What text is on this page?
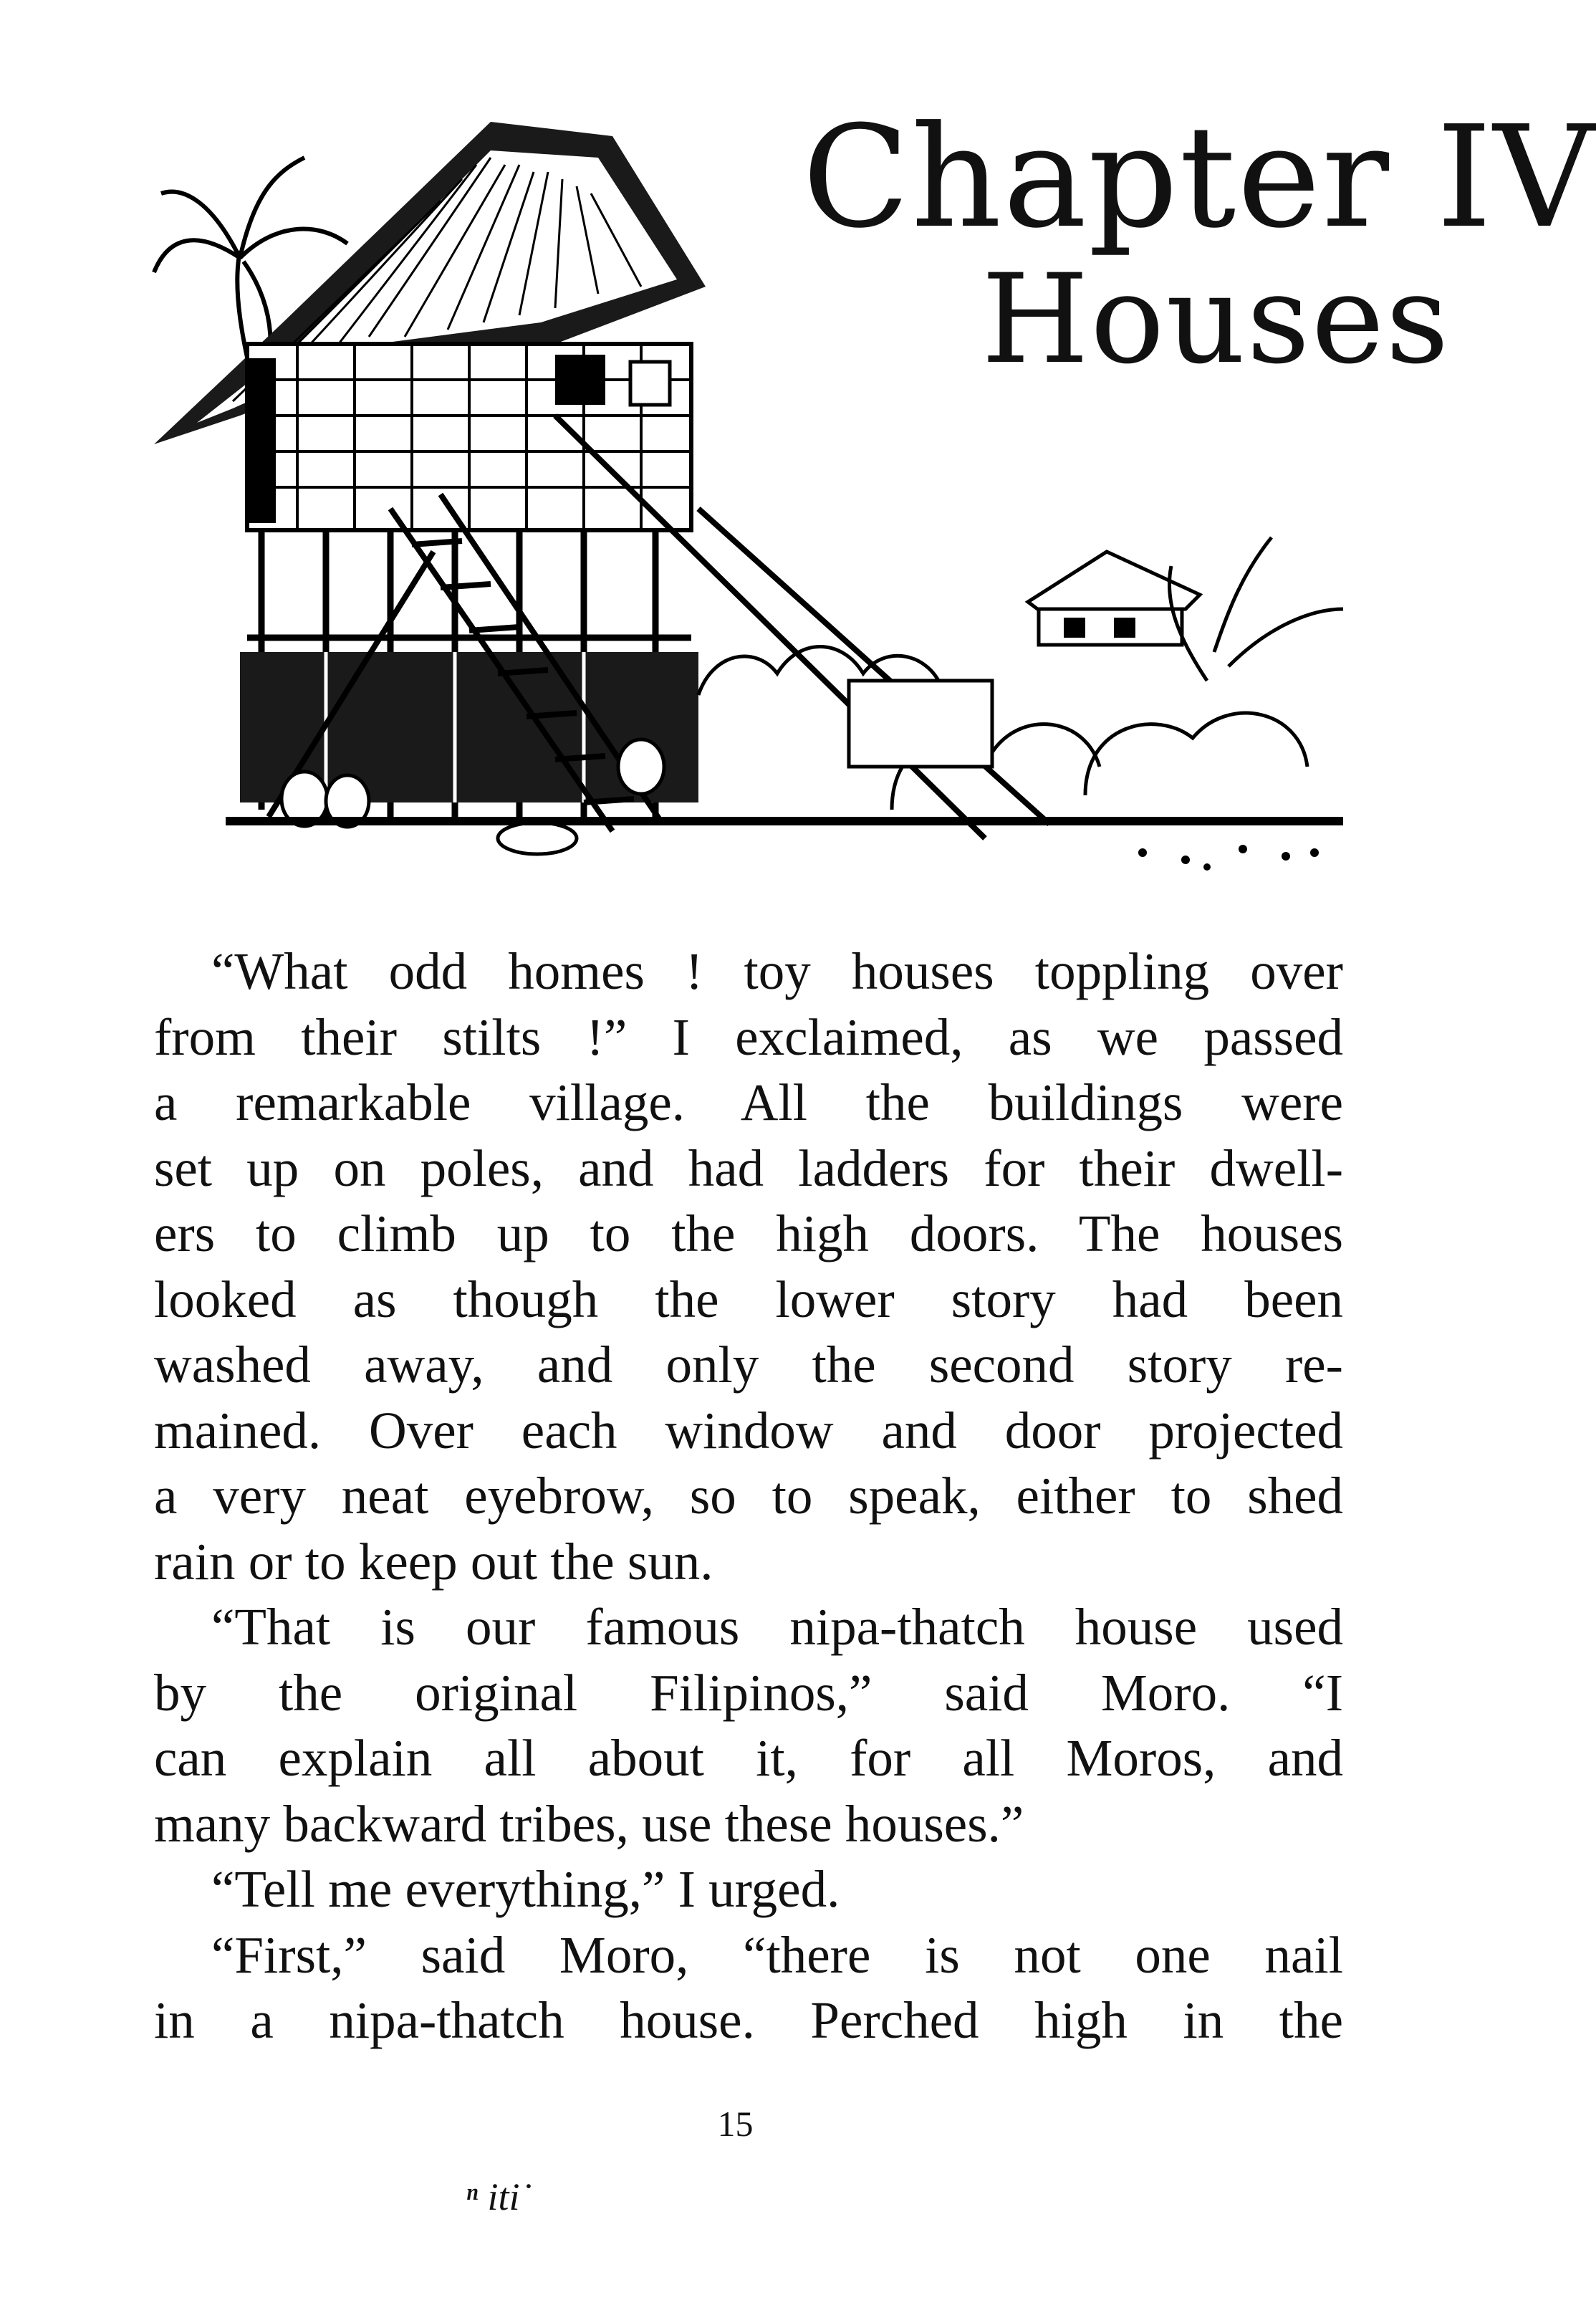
Chapter IV
Houses
“What odd homes ! toy houses toppling over
from their stilts !” I exclaimed, as we passed
a remarkable village. All the buildings were
set up on poles, and had ladders for their dwell-
ers to climb up to the high doors. The houses
looked as though the lower story had been
washed away, and only the second story re-
mained. Over each window and door projected
a very neat eyebrow, so to speak, either to shed
rain or to keep out the sun.
“That is our famous nipa-thatch house used
by the original Filipinos,” said Moro. “I
can explain all about it, for all Moros, and
many backward tribes, use these houses.”
“Tell me everything,” I urged.
“First,” said Moro, “there is not one nail
in a nipa-thatch house. Perched high in the
15
ⁿ iti˙
